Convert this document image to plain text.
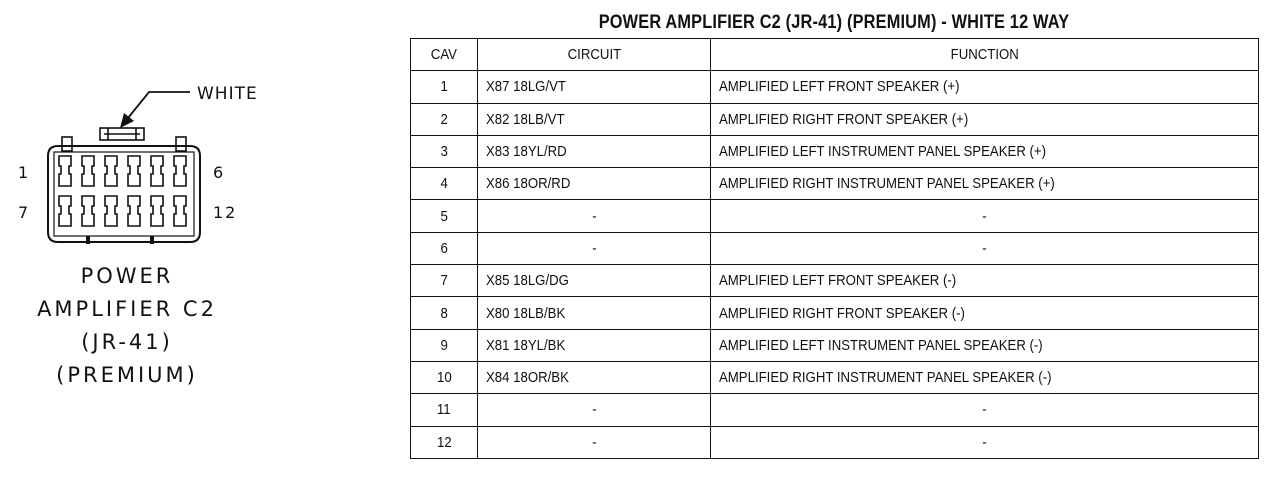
WHITE
1	6
7	12
POWER
AMPLIFIER C2
(JR-41)
(PREMIUM)
POWER AMPLIFIER C2 (JR-41) (PREMIUM) - WHITE 12 WAY
CAV	CIRCUIT	FUNCTION
1	X87 18LG/VT	AMPLIFIED LEFT FRONT SPEAKER (+)
2	X82 18LB/VT	AMPLIFIED RIGHT FRONT SPEAKER (+)
3	X83 18YL/RD	AMPLIFIED LEFT INSTRUMENT PANEL SPEAKER (+)
4	X86 18OR/RD	AMPLIFIED RIGHT INSTRUMENT PANEL SPEAKER (+)
5	-	-
6	-	-
7	X85 18LG/DG	AMPLIFIED LEFT FRONT SPEAKER (-)
8	X80 18LB/BK	AMPLIFIED RIGHT FRONT SPEAKER (-)
9	X81 18YL/BK	AMPLIFIED LEFT INSTRUMENT PANEL SPEAKER (-)
10	X84 18OR/BK	AMPLIFIED RIGHT INSTRUMENT PANEL SPEAKER (-)
11	-	-
12	-	-
